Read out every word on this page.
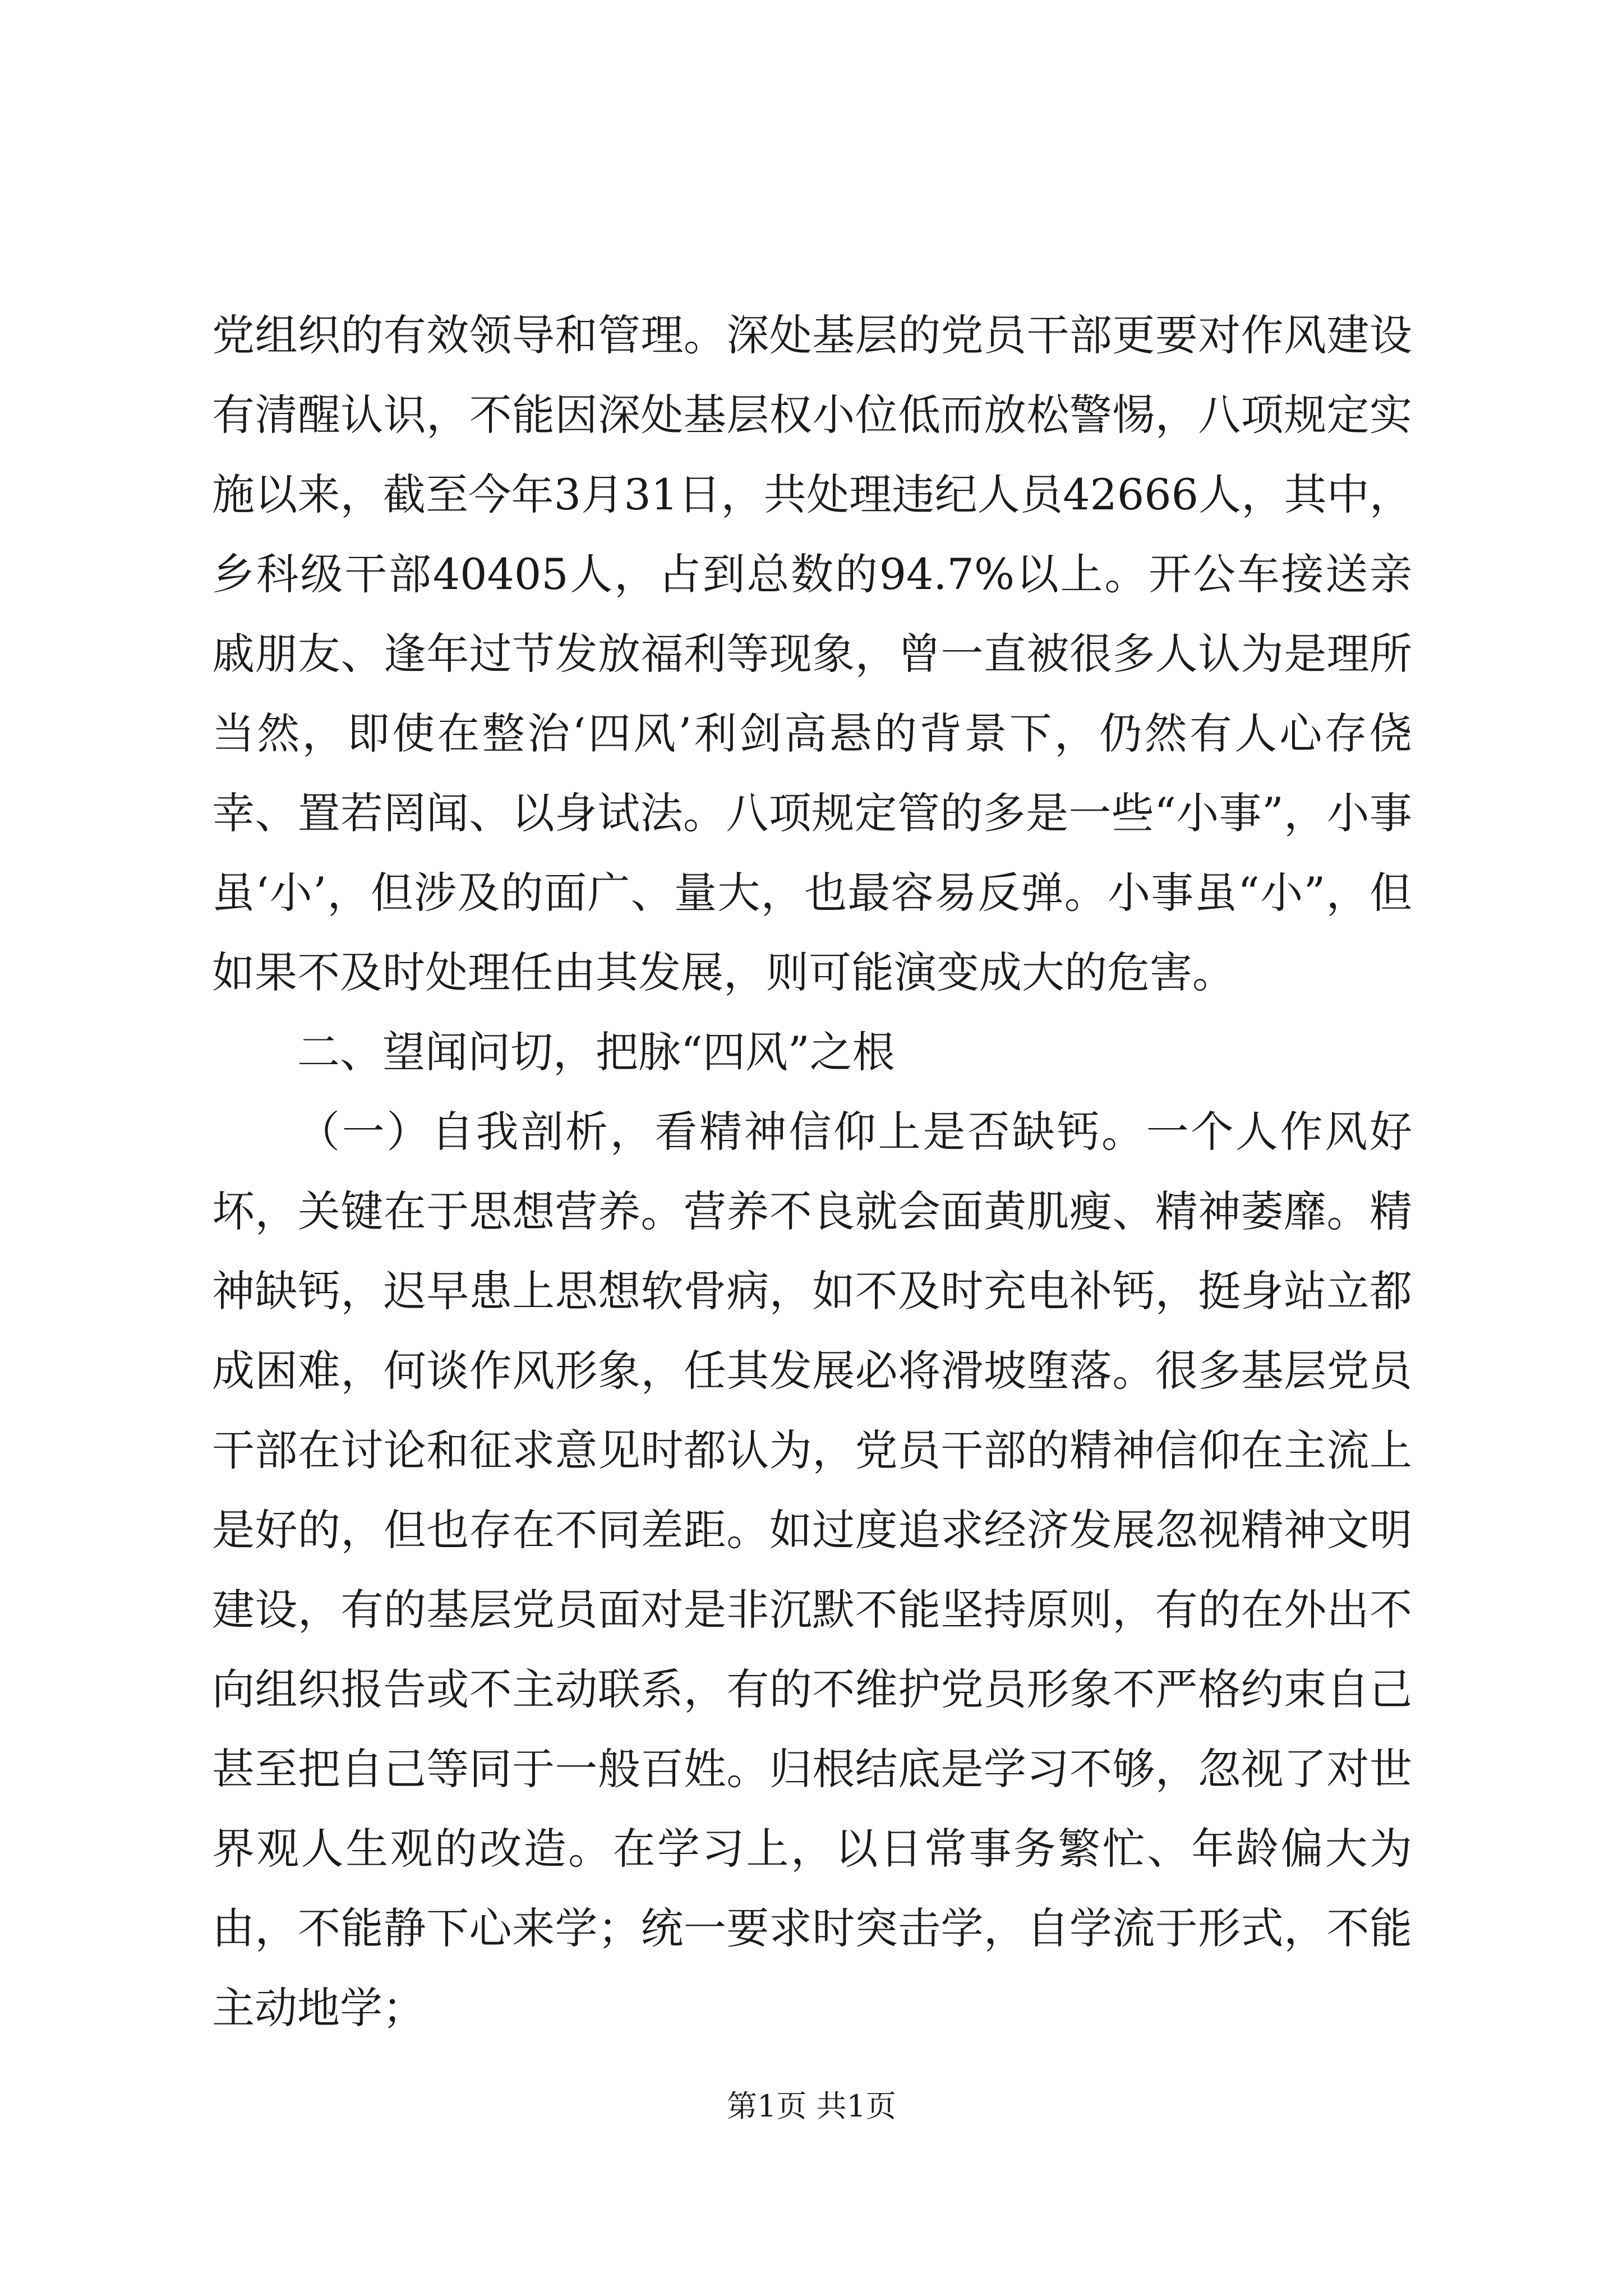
党组织的有效领导和管理。深处基层的党员干部更要对作风建设有清醒认识，不能因深处基层权小位低而放松警惕，八项规定实施以来，截至今年3月31日，共处理违纪人员42666人，其中，乡科级干部40405人，占到总数的94.7%以上。开公车接送亲戚朋友、逢年过节发放福利等现象，曾一直被很多人认为是理所当然，即使在整治‘四风’利剑高悬的背景下，仍然有人心存侥幸、置若罔闻、以身试法。八项规定管的多是一些“小事”，小事虽‘小’，但涉及的面广、量大，也最容易反弹。小事虽“小”，但如果不及时处理任由其发展，则可能演变成大的危害。

二、望闻问切，把脉“四风”之根

（一）自我剖析，看精神信仰上是否缺钙。一个人作风好坏，关键在于思想营养。营养不良就会面黄肌瘦、精神萎靡。精神缺钙，迟早患上思想软骨病，如不及时充电补钙，挺身站立都成困难，何谈作风形象，任其发展必将滑坡堕落。很多基层党员干部在讨论和征求意见时都认为，党员干部的精神信仰在主流上是好的，但也存在不同差距。如过度追求经济发展忽视精神文明建设，有的基层党员面对是非沉默不能坚持原则，有的在外出不向组织报告或不主动联系，有的不维护党员形象不严格约束自己甚至把自己等同于一般百姓。归根结底是学习不够，忽视了对世界观人生观的改造。在学习上，以日常事务繁忙、年龄偏大为由，不能静下心来学；统一要求时突击学，自学流于形式，不能主动地学；

第1页 共1页
